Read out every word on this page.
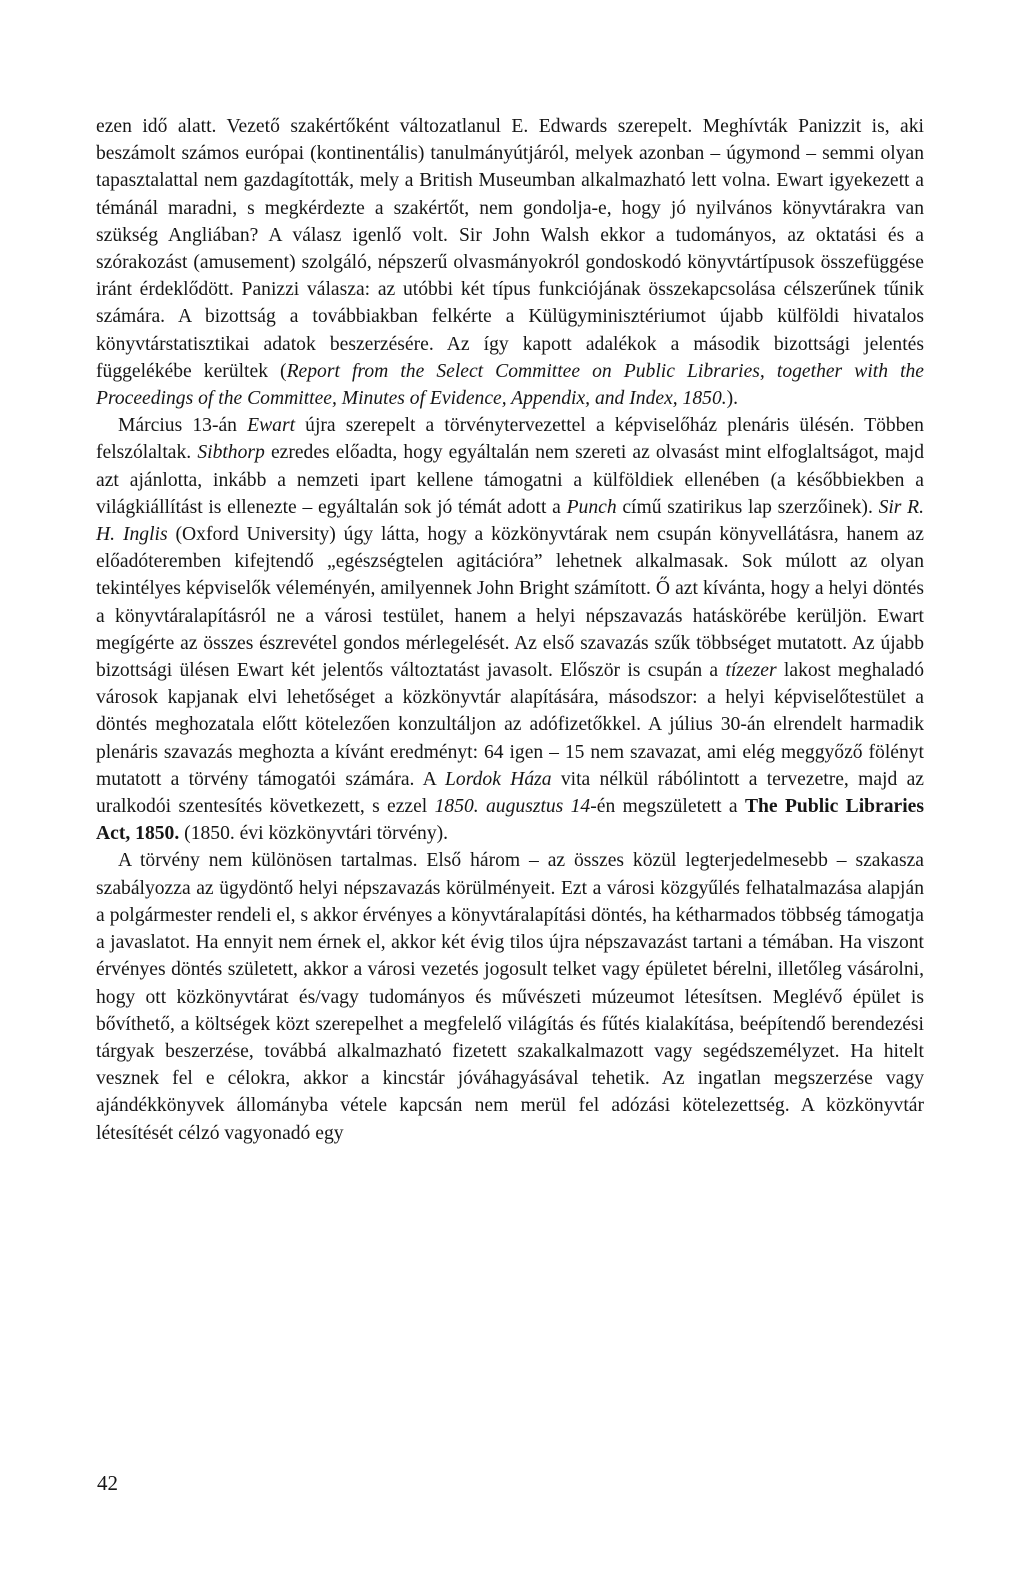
ezen idő alatt. Vezető szakértőként változatlanul E. Edwards szerepelt. Meghívták Panizzit is, aki beszámolt számos európai (kontinentális) tanulmányútjáról, melyek azonban – úgymond – semmi olyan tapasztalattal nem gazdagították, mely a British Museumban alkalmazható lett volna. Ewart igyekezett a témánál maradni, s megkérdezte a szakértőt, nem gondolja-e, hogy jó nyilvános könyvtárakra van szükség Angliában? A válasz igenlő volt. Sir John Walsh ekkor a tudományos, az oktatási és a szórakozást (amusement) szolgáló, népszerű olvasmányokról gondoskodó könyvtártípusok összefüggése iránt érdeklődött. Panizzi válasza: az utóbbi két típus funkciójának összekapcsolása célszerűnek tűnik számára. A bizottság a továbbiakban felkérte a Külügyminisztériumot újabb külföldi hivatalos könyvtárstatisztikai adatok beszerzésére. Az így kapott adalékok a második bizottsági jelentés függelékébe kerültek (Report from the Select Committee on Public Libraries, together with the Proceedings of the Committee, Minutes of Evidence, Appendix, and Index, 1850.).

Március 13-án Ewart újra szerepelt a törvénytervezettel a képviselőház plenáris ülésén. Többen felszólaltak. Sibthorp ezredes előadta, hogy egyáltalán nem szereti az olvasást mint elfoglaltságot, majd azt ajánlotta, inkább a nemzeti ipart kellene támogatni a külföldiek ellenében (a későbbiekben a világkiállítást is ellenezte – egyáltalán sok jó témát adott a Punch című szatirikus lap szerzőinek). Sir R. H. Inglis (Oxford University) úgy látta, hogy a közkönyvtárak nem csupán könyvellátásra, hanem az előadóteremben kifejtendő „egészségtelen agitációra” lehetnek alkalmasak. Sok múlott az olyan tekintélyes képviselők véleményén, amilyennek John Bright számított. Ő azt kívánta, hogy a helyi döntés a könyvtáralapításról ne a városi testület, hanem a helyi népszavazás hatáskörébe kerüljön. Ewart megígérte az összes észrevétel gondos mérlegelését. Az első szavazás szűk többséget mutatott. Az újabb bizottsági ülésen Ewart két jelentős változtatást javasolt. Először is csupán a tízezer lakost meghaladó városok kapjanak elvi lehetőséget a közkönyvtár alapítására, másodszor: a helyi képviselőtestület a döntés meghozatala előtt kötelezően konzultáljon az adófizetőkkel. A július 30-án elrendelt harmadik plenáris szavazás meghozta a kívánt eredményt: 64 igen – 15 nem szavazat, ami elég meggyőző fölényt mutatott a törvény támogatói számára. A Lordok Háza vita nélkül rábólintott a tervezetre, majd az uralkodói szentesítés következett, s ezzel 1850. augusztus 14-én megszületett a The Public Libraries Act, 1850. (1850. évi közkönyvtári törvény).

A törvény nem különösen tartalmas. Első három – az összes közül legterjedelmesebb – szakasza szabályozza az ügydöntő helyi népszavazás körülményeit. Ezt a városi közgyűlés felhatalmazása alapján a polgármester rendeli el, s akkor érvényes a könyvtáralapítási döntés, ha kétharmados többség támogatja a javaslatot. Ha ennyit nem érnek el, akkor két évig tilos újra népszavazást tartani a témában. Ha viszont érvényes döntés született, akkor a városi vezetés jogosult telket vagy épületet bérelni, illetőleg vásárolni, hogy ott közkönyvtárat és/vagy tudományos és művészeti múzeumot létesítsen. Meglévő épület is bővíthető, a költségek közt szerepelhet a megfelelő világítás és fűtés kialakítása, beépítendő berendezési tárgyak beszerzése, továbbá alkalmazható fizetett szakalkalmazott vagy segédszemélyzet. Ha hitelt vesznek fel e célokra, akkor a kincstár jóváhagyásával tehetik. Az ingatlan megszerzése vagy ajándékkönyvek állományba vétele kapcsán nem merül fel adózási kötelezettség. A közkönyvtár létesítését célzó vagyonadó egy

42
